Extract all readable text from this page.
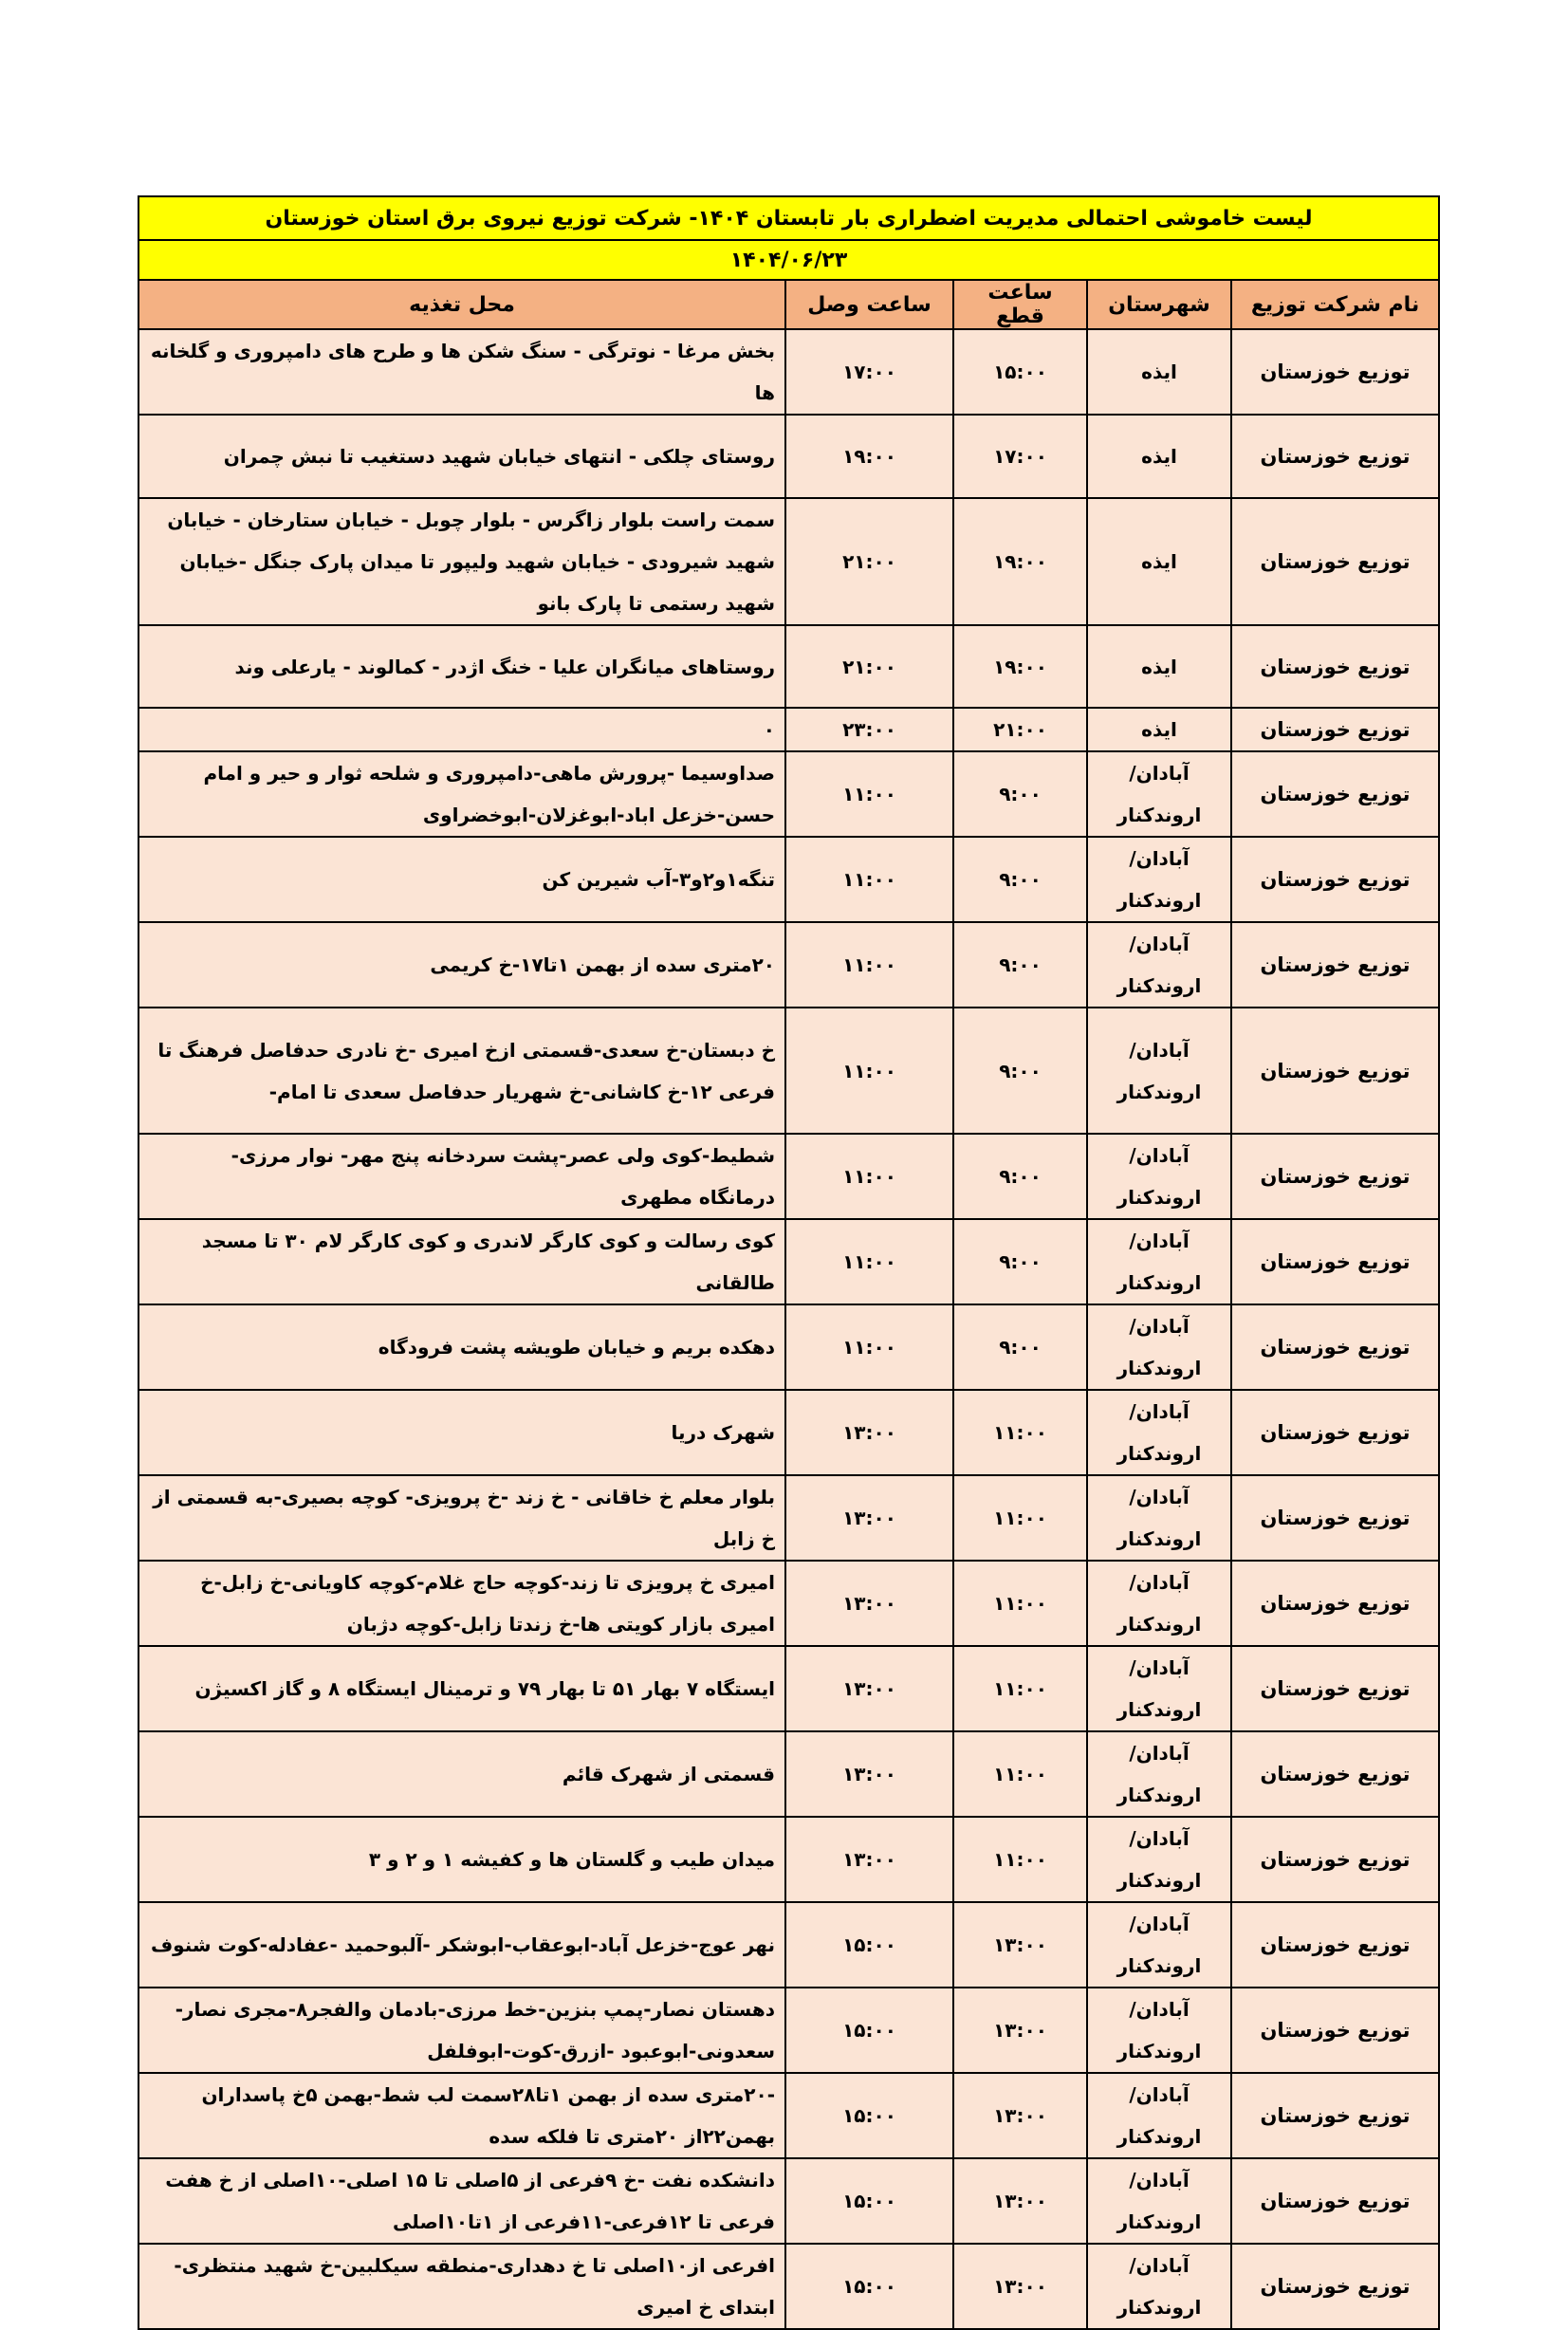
لیست خاموشی احتمالی مدیریت اضطراری بار تابستان ۱۴۰۴- شرکت توزیع نیروی برق استان خوزستان				
۱۴۰۴/۰۶/۲۳				
نام شرکت توزیع	شهرستان	ساعت قطع	ساعت وصل	محل تغذیه
توزیع خوزستان	ایذه	۱۵:۰۰	۱۷:۰۰	بخش مرغا - نوترگی - سنگ شکن ها و طرح های دامپروری و گلخانه ها
توزیع خوزستان	ایذه	۱۷:۰۰	۱۹:۰۰	روستای چلکی - انتهای خیابان شهید دستغیب تا نبش چمران
توزیع خوزستان	ایذه	۱۹:۰۰	۲۱:۰۰	سمت راست بلوار زاگرس - بلوار چوبل - خیابان ستارخان - خیابان شهید شیرودی - خیابان شهید ولیپور تا میدان پارک جنگل -خیابان شهید رستمی تا پارک بانو
توزیع خوزستان	ایذه	۱۹:۰۰	۲۱:۰۰	روستاهای میانگران علیا - خنگ اژدر - کمالوند - یارعلی وند
توزیع خوزستان	ایذه	۲۱:۰۰	۲۳:۰۰	۰
توزیع خوزستان	آبادان/اروندکنار	۹:۰۰	۱۱:۰۰	صداوسیما -پرورش ماهی-دامپروری و شلحه ثوار و حیر و امام حسن-خزعل اباد-ابوغزلان-ابوخضراوی
توزیع خوزستان	آبادان/اروندکنار	۹:۰۰	۱۱:۰۰	تنگه۱و۲و۳-آب شیرین کن
توزیع خوزستان	آبادان/اروندکنار	۹:۰۰	۱۱:۰۰	۲۰متری سده از بهمن ۱تا۱۷-خ کریمی
توزیع خوزستان	آبادان/اروندکنار	۹:۰۰	۱۱:۰۰	خ دبستان-خ سعدی-قسمتی ازخ امیری -خ نادری حدفاصل فرهنگ تا فرعی ۱۲-خ کاشانی-خ شهریار حدفاصل سعدی تا امام-
توزیع خوزستان	آبادان/اروندکنار	۹:۰۰	۱۱:۰۰	شطیط-کوی ولی عصر-پشت سردخانه پنج مهر- نوار مرزی- درمانگاه مطهری
توزیع خوزستان	آبادان/اروندکنار	۹:۰۰	۱۱:۰۰	کوی رسالت و کوی کارگر لاندری و کوی کارگر لام ۳۰ تا مسجد طالقانی
توزیع خوزستان	آبادان/اروندکنار	۹:۰۰	۱۱:۰۰	دهکده بریم و خیابان طویشه پشت فرودگاه
توزیع خوزستان	آبادان/اروندکنار	۱۱:۰۰	۱۳:۰۰	شهرک دریا
توزیع خوزستان	آبادان/اروندکنار	۱۱:۰۰	۱۳:۰۰	بلوار معلم خ خاقانی - خ زند -خ پرویزی- کوچه بصیری-به قسمتی از خ زابل
توزیع خوزستان	آبادان/اروندکنار	۱۱:۰۰	۱۳:۰۰	امیری خ پرویزی تا زند-کوچه حاج غلام-کوچه کاویانی-خ زابل-خ امیری بازار کویتی ها-خ زندتا زابل-کوچه دژبان
توزیع خوزستان	آبادان/اروندکنار	۱۱:۰۰	۱۳:۰۰	ایستگاه ۷ بهار ۵۱ تا بهار ۷۹ و ترمینال ایستگاه ۸ و گاز اکسیژن
توزیع خوزستان	آبادان/اروندکنار	۱۱:۰۰	۱۳:۰۰	قسمتی از شهرک قائم
توزیع خوزستان	آبادان/اروندکنار	۱۱:۰۰	۱۳:۰۰	میدان طیب و گلستان ها و کفیشه ۱ و ۲ و ۳
توزیع خوزستان	آبادان/اروندکنار	۱۳:۰۰	۱۵:۰۰	نهر عوج-خزعل آباد-ابوعقاب-ابوشکر -آلبوحمید -عفادله-کوت شنوف
توزیع خوزستان	آبادان/اروندکنار	۱۳:۰۰	۱۵:۰۰	دهستان نصار-پمپ بنزین-خط مرزی-بادمان والفجر۸-مجری نصار-سعدونی-ابوعبود -ازرق-کوت-ابوفلفل
توزیع خوزستان	آبادان/اروندکنار	۱۳:۰۰	۱۵:۰۰	-۲۰متری سده از بهمن ۱تا۲۸سمت لب شط-بهمن ۵خ پاسداران بهمن۲۲از ۲۰متری تا فلکه سده
توزیع خوزستان	آبادان/اروندکنار	۱۳:۰۰	۱۵:۰۰	دانشکده نفت -خ ۹فرعی از ۵اصلی تا ۱۵ اصلی-۱۰اصلی از خ هفت فرعی تا ۱۲فرعی-۱۱فرعی از ۱تا۱۰اصلی
توزیع خوزستان	آبادان/اروندکنار	۱۳:۰۰	۱۵:۰۰	افرعی از۱۰اصلی تا خ دهداری-منطقه سیکلبین-خ شهید منتظری-ابتدای خ امیری
